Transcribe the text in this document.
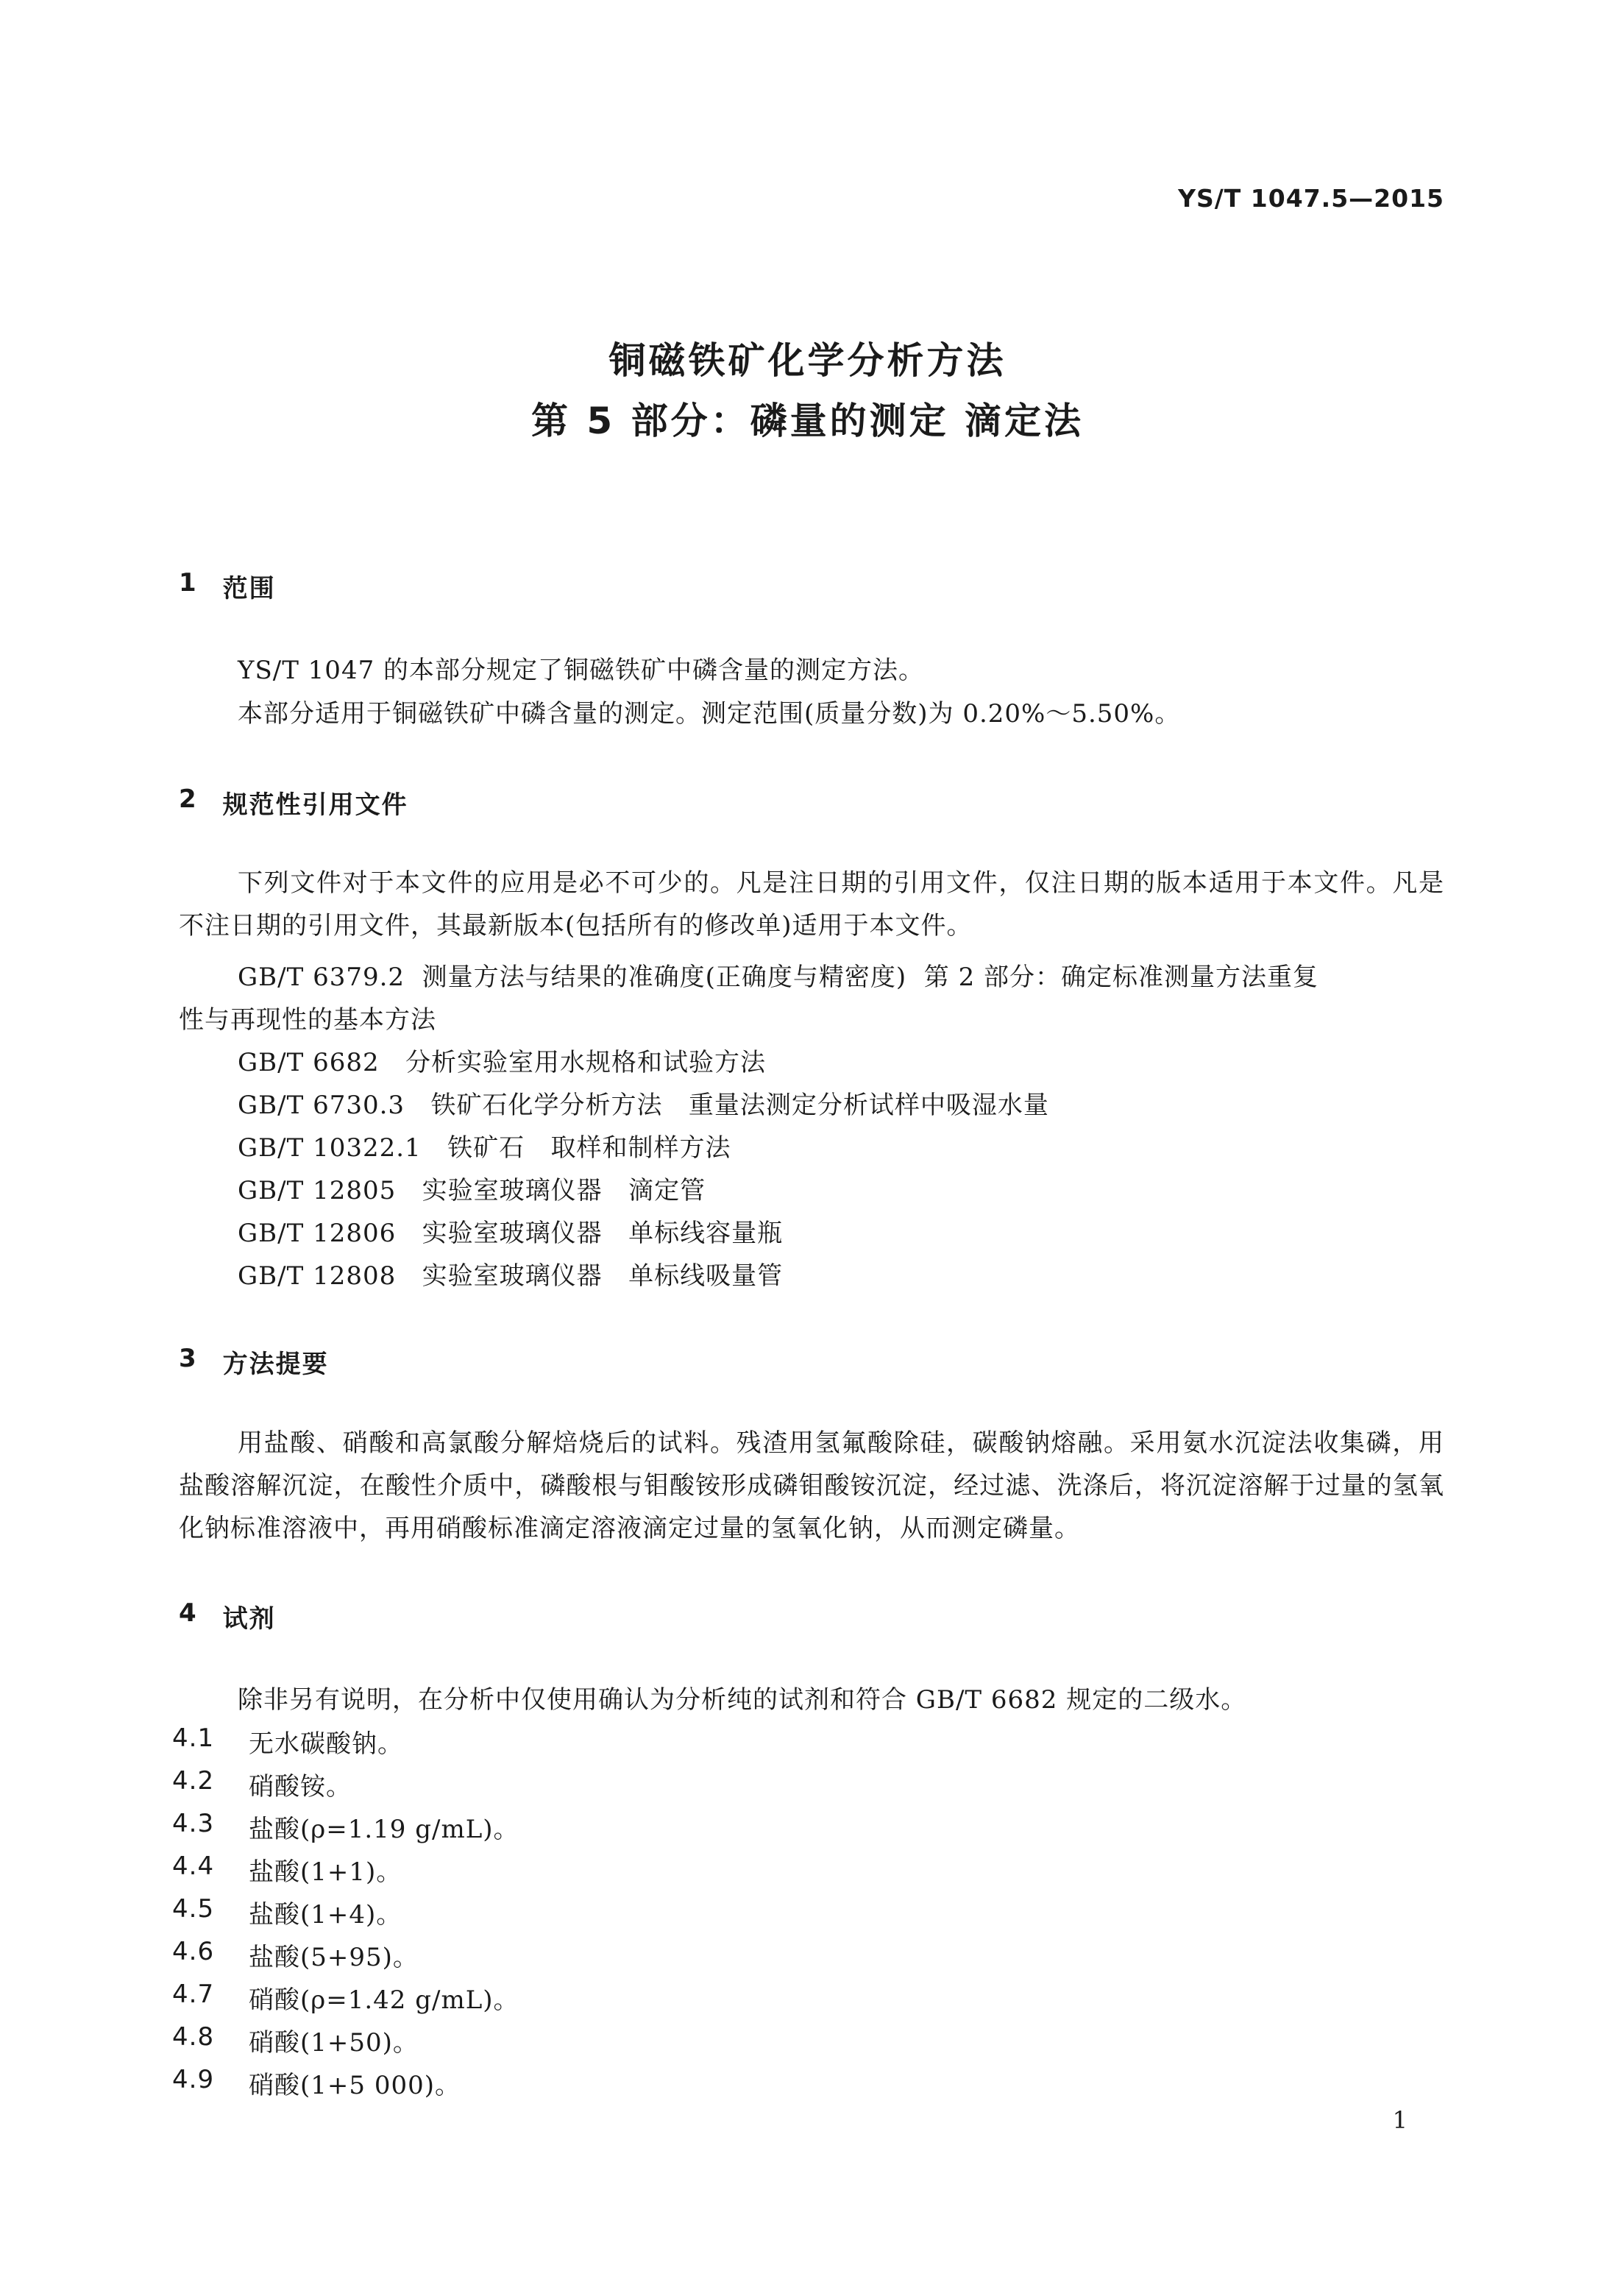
YS/T 1047.5—2015
铜磁铁矿化学分析方法
第 5 部分：磷量的测定 滴定法
1 范围
YS/T 1047 的本部分规定了铜磁铁矿中磷含量的测定方法。
本部分适用于铜磁铁矿中磷含量的测定。测定范围(质量分数)为 0.20%～5.50%。
2 规范性引用文件
下列文件对于本文件的应用是必不可少的。凡是注日期的引用文件，仅注日期的版本适用于本文件。凡是不注日期的引用文件，其最新版本(包括所有的修改单)适用于本文件。
GB/T 6379.2  测量方法与结果的准确度(正确度与精密度)  第 2 部分：确定标准测量方法重复
性与再现性的基本方法
GB/T 6682   分析实验室用水规格和试验方法
GB/T 6730.3   铁矿石化学分析方法   重量法测定分析试样中吸湿水量
GB/T 10322.1   铁矿石   取样和制样方法
GB/T 12805   实验室玻璃仪器   滴定管
GB/T 12806   实验室玻璃仪器   单标线容量瓶
GB/T 12808   实验室玻璃仪器   单标线吸量管
3 方法提要
用盐酸、硝酸和高氯酸分解焙烧后的试料。残渣用氢氟酸除硅，碳酸钠熔融。采用氨水沉淀法收集磷，用盐酸溶解沉淀，在酸性介质中，磷酸根与钼酸铵形成磷钼酸铵沉淀，经过滤、洗涤后，将沉淀溶解于过量的氢氧化钠标准溶液中，再用硝酸标准滴定溶液滴定过量的氢氧化钠，从而测定磷量。
4 试剂
除非另有说明，在分析中仅使用确认为分析纯的试剂和符合 GB/T 6682 规定的二级水。
4.1	无水碳酸钠。
4.2	硝酸铵。
4.3	盐酸(ρ=1.19 g/mL)。
4.4	盐酸(1+1)。
4.5	盐酸(1+4)。
4.6	盐酸(5+95)。
4.7	硝酸(ρ=1.42 g/mL)。
4.8	硝酸(1+50)。
4.9	硝酸(1+5 000)。
1
